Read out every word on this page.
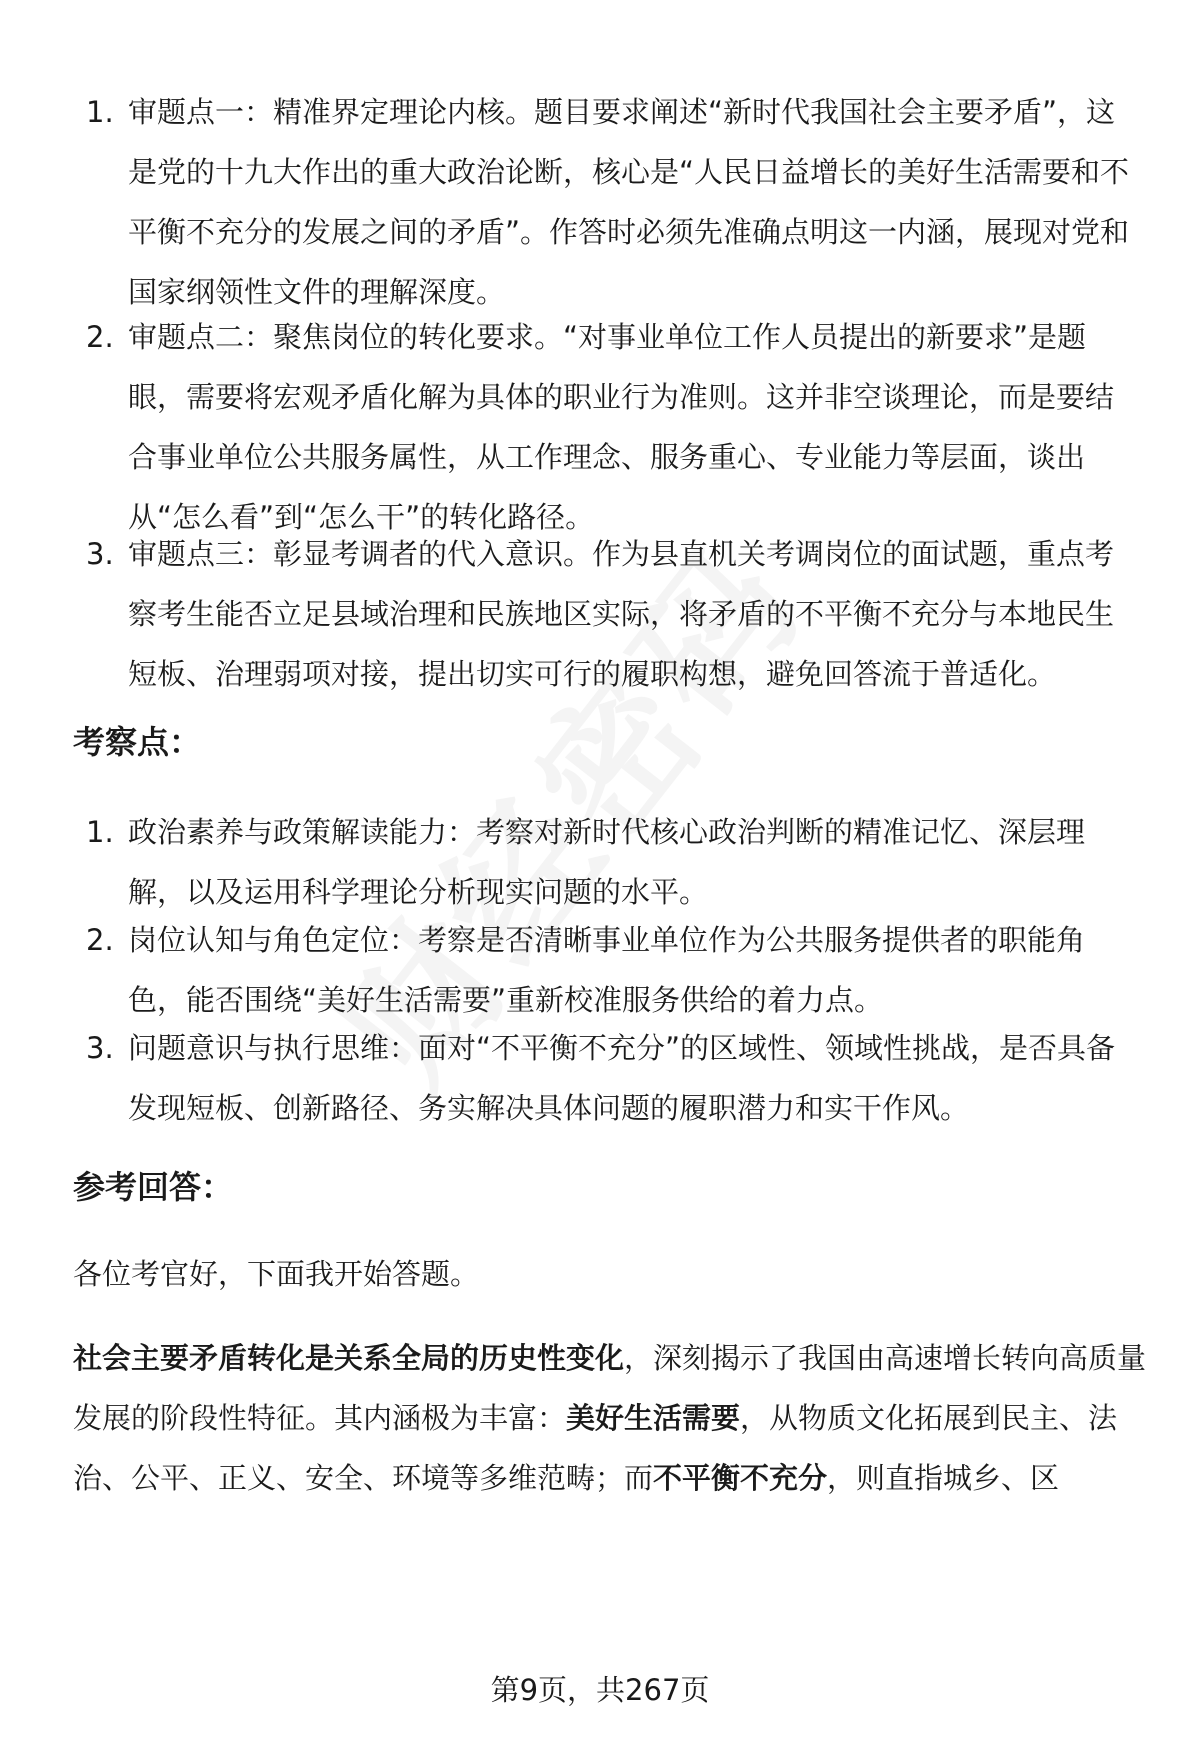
1. 审题点一：精准界定理论内核。题目要求阐述“新时代我国社会主要矛盾”，这是党的十九大作出的重大政治论断，核心是“人民日益增长的美好生活需要和不平衡不充分的发展之间的矛盾”。作答时必须先准确点明这一内涵，展现对党和国家纲领性文件的理解深度。
2. 审题点二：聚焦岗位的转化要求。“对事业单位工作人员提出的新要求”是题眼，需要将宏观矛盾化解为具体的职业行为准则。这并非空谈理论，而是要结合事业单位公共服务属性，从工作理念、服务重心、专业能力等层面，谈出从“怎么看”到“怎么干”的转化路径。
3. 审题点三：彰显考调者的代入意识。作为县直机关考调岗位的面试题，重点考察考生能否立足县域治理和民族地区实际，将矛盾的不平衡不充分与本地民生短板、治理弱项对接，提出切实可行的履职构想，避免回答流于普适化。
考察点：
1. 政治素养与政策解读能力：考察对新时代核心政治判断的精准记忆、深层理解，以及运用科学理论分析现实问题的水平。
2. 岗位认知与角色定位：考察是否清晰事业单位作为公共服务提供者的职能角色，能否围绕“美好生活需要”重新校准服务供给的着力点。
3. 问题意识与执行思维：面对“不平衡不充分”的区域性、领域性挑战，是否具备发现短板、创新路径、务实解决具体问题的履职潜力和实干作风。
参考回答：

各位考官好，下面我开始答题。

社会主要矛盾转化是关系全局的历史性变化，深刻揭示了我国由高速增长转向高质量发展的阶段性特征。其内涵极为丰富：美好生活需要，从物质文化拓展到民主、法治、公平、正义、安全、环境等多维范畴；而不平衡不充分，则直指城乡、区

第9页，共267页
